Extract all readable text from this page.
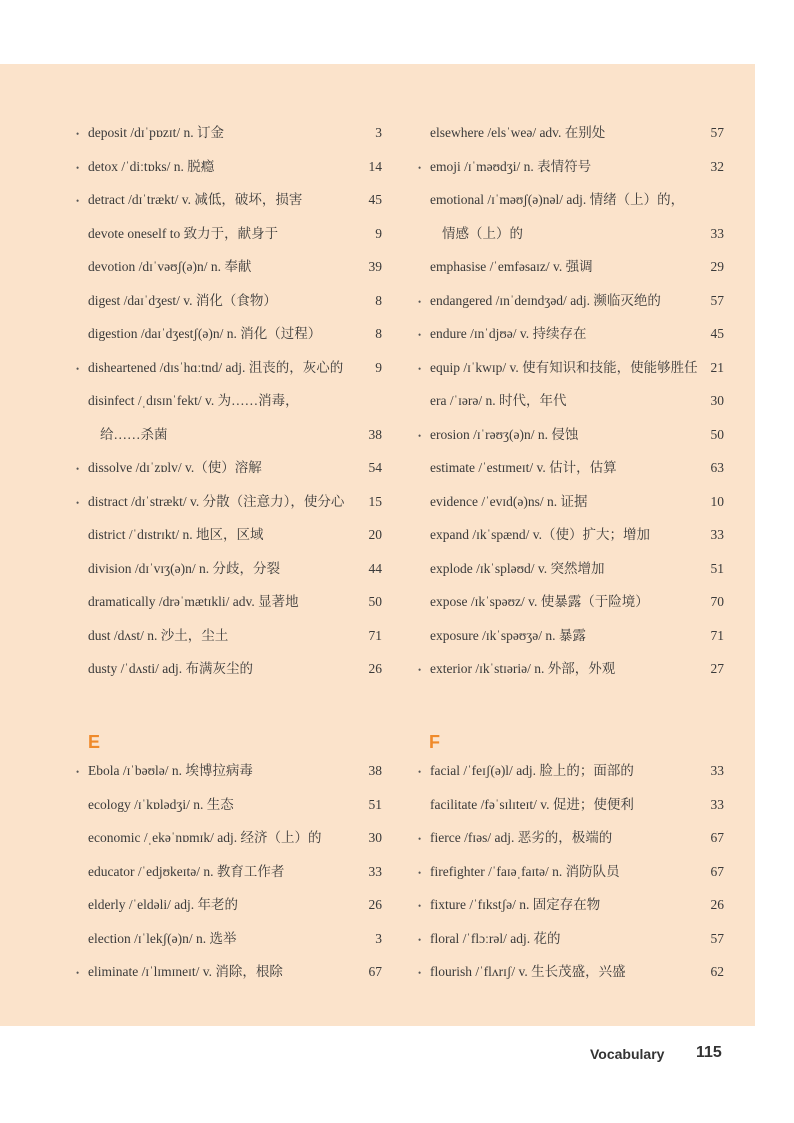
• deposit /dɪˈpɒzɪt/ n. 订金	3
• detox /ˈdiːtɒks/ n. 脱瘾	14
• detract /dɪˈtrækt/ v. 减低，破坏，损害	45
devote oneself to 致力于，献身于	9
devotion /dɪˈvəʊʃ(ə)n/ n. 奉献	39
digest /daɪˈdʒest/ v. 消化（食物）	8
digestion /daɪˈdʒestʃ(ə)n/ n. 消化（过程）	8
• disheartened /dɪsˈhɑːtnd/ adj. 沮丧的，灰心的	9
disinfect /ˌdɪsɪnˈfekt/ v. 为……消毒，
给……杀菌	38
• dissolve /dɪˈzɒlv/ v.（使）溶解	54
• distract /dɪˈstrækt/ v. 分散（注意力），使分心	15
district /ˈdɪstrɪkt/ n. 地区，区域	20
division /dɪˈvɪʒ(ə)n/ n. 分歧，分裂	44
dramatically /drəˈmætɪkli/ adv. 显著地	50
dust /dʌst/ n. 沙土，尘土	71
dusty /ˈdʌsti/ adj. 布满灰尘的	26
elsewhere /elsˈweə/ adv. 在别处	57
• emoji /ɪˈməʊdʒi/ n. 表情符号	32
emotional /ɪˈməʊʃ(ə)nəl/ adj. 情绪（上）的，
情感（上）的	33
emphasise /ˈemfəsaɪz/ v. 强调	29
• endangered /ɪnˈdeɪndʒəd/ adj. 濒临灭绝的	57
• endure /ɪnˈdjʊə/ v. 持续存在	45
• equip /ɪˈkwɪp/ v. 使有知识和技能，使能够胜任 21
era /ˈɪərə/ n. 时代，年代	30
• erosion /ɪˈrəʊʒ(ə)n/ n. 侵蚀	50
estimate /ˈestɪmeɪt/ v. 估计，估算	63
evidence /ˈevɪd(ə)ns/ n. 证据	10
expand /ɪkˈspænd/ v.（使）扩大；增加	33
explode /ɪkˈspləʊd/ v. 突然增加	51
expose /ɪkˈspəʊz/ v. 使暴露（于险境）	70
exposure /ɪkˈspəʊʒə/ n. 暴露	71
• exterior /ɪkˈstɪəriə/ n. 外部，外观	27
E	F
• Ebola /ɪˈbəʊlə/ n. 埃博拉病毒	38
ecology /ɪˈkɒlədʒi/ n. 生态	51
economic /ˌekəˈnɒmɪk/ adj. 经济（上）的	30
educator /ˈedjʊkeɪtə/ n. 教育工作者	33
elderly /ˈeldəli/ adj. 年老的	26
election /ɪˈlekʃ(ə)n/ n. 选举	3
• eliminate /ɪˈlɪmɪneɪt/ v. 消除，根除	67
• facial /ˈfeɪʃ(ə)l/ adj. 脸上的；面部的	33
facilitate /fəˈsɪlɪteɪt/ v. 促进；使便利	33
• fierce /fɪəs/ adj. 恶劣的，极端的	67
• firefighter /ˈfaɪəˌfaɪtə/ n. 消防队员	67
• fixture /ˈfɪkstʃə/ n. 固定存在物	26
• floral /ˈflɔːrəl/ adj. 花的	57
• flourish /ˈflʌrɪʃ/ v. 生长茂盛，兴盛	62
Vocabulary 115
